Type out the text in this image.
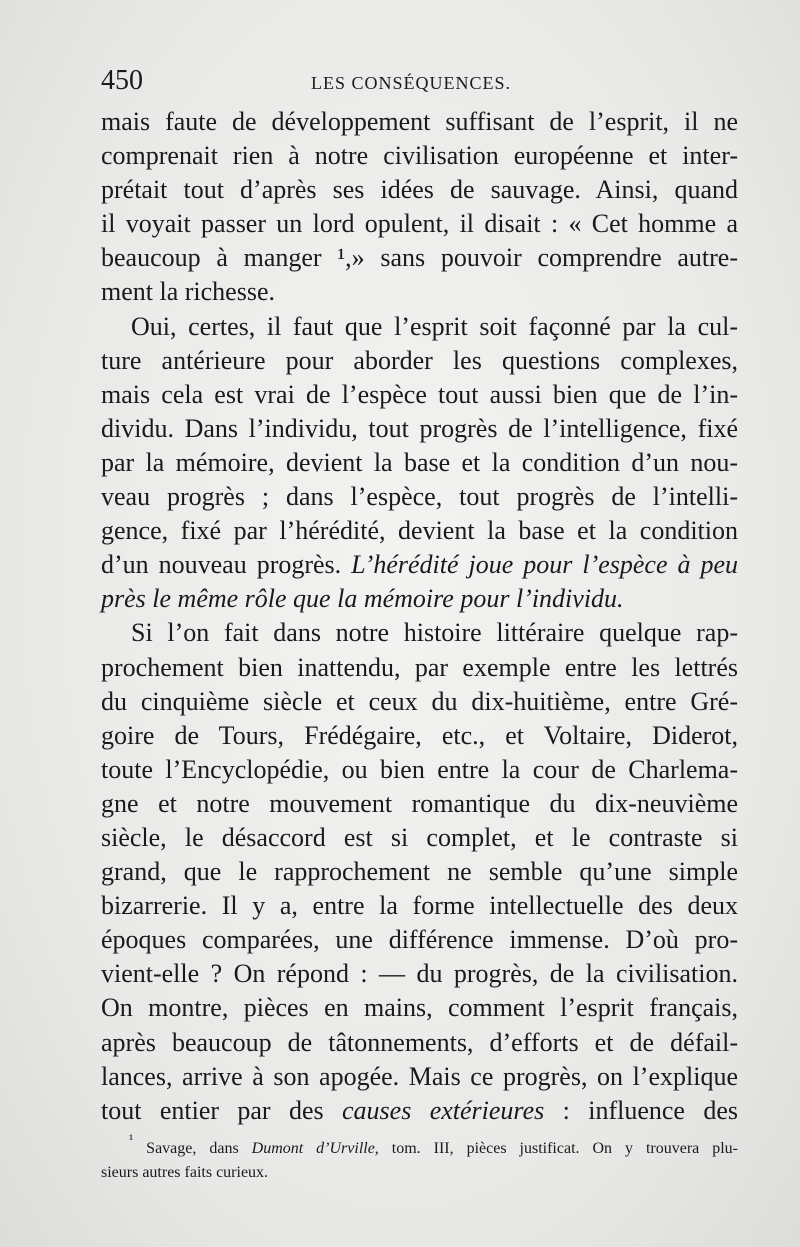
450	LES CONSÉQUENCES.
mais faute de développement suffisant de l’esprit, il ne
comprenait rien à notre civilisation européenne et inter-
prétait tout d’après ses idées de sauvage. Ainsi, quand
il voyait passer un lord opulent, il disait : « Cet homme a
beaucoup à manger ¹,» sans pouvoir comprendre autre-
ment la richesse.
Oui, certes, il faut que l’esprit soit façonné par la cul-
ture antérieure pour aborder les questions complexes,
mais cela est vrai de l’espèce tout aussi bien que de l’in-
dividu. Dans l’individu, tout progrès de l’intelligence, fixé
par la mémoire, devient la base et la condition d’un nou-
veau progrès ; dans l’espèce, tout progrès de l’intelli-
gence, fixé par l’hérédité, devient la base et la condition
d’un nouveau progrès. L’hérédité joue pour l’espèce à peu
près le même rôle que la mémoire pour l’individu.
Si l’on fait dans notre histoire littéraire quelque rap-
prochement bien inattendu, par exemple entre les lettrés
du cinquième siècle et ceux du dix-huitième, entre Gré-
goire de Tours, Frédégaire, etc., et Voltaire, Diderot,
toute l’Encyclopédie, ou bien entre la cour de Charlema-
gne et notre mouvement romantique du dix-neuvième
siècle, le désaccord est si complet, et le contraste si
grand, que le rapprochement ne semble qu’une simple
bizarrerie. Il y a, entre la forme intellectuelle des deux
époques comparées, une différence immense. D’où pro-
vient-elle ? On répond : — du progrès, de la civilisation.
On montre, pièces en mains, comment l’esprit français,
après beaucoup de tâtonnements, d’efforts et de défail-
lances, arrive à son apogée. Mais ce progrès, on l’explique
tout entier par des causes extérieures : influence des
$^{^1}$ Savage, dans Dumont d’Urville, tom. III, pièces justificat. On y trouvera plu-
sieurs autres faits curieux.
